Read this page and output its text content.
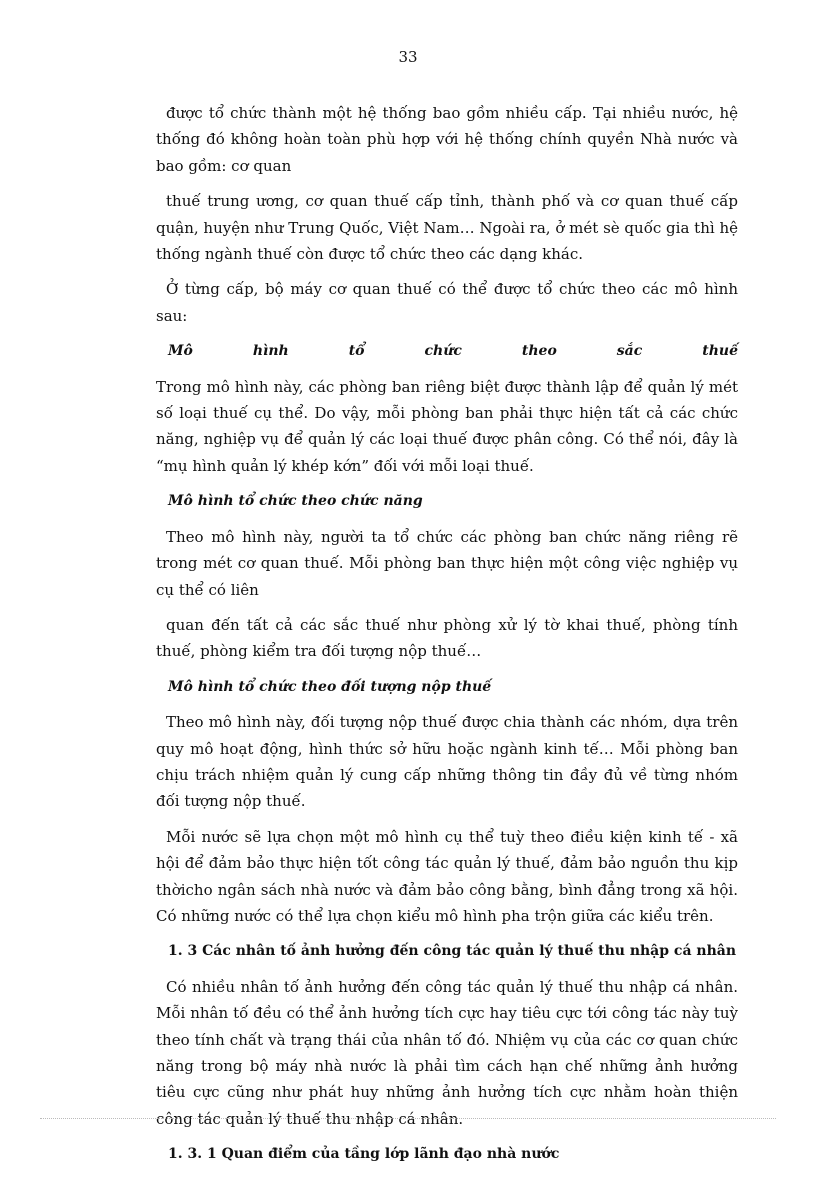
33

được tổ chức thành một hệ thống bao gồm nhiều cấp. Tại nhiều nước, hệ thống đó không hoàn toàn phù hợp với hệ thống chính quyền Nhà nước và bao gồm: cơ quan

thuế trung ương, cơ quan thuế cấp tỉnh, thành phố và cơ quan thuế cấp quận, huyện như Trung Quốc, Việt Nam… Ngoài ra, ở mét sè quốc gia thì hệ thống ngành thuế còn được tổ chức theo các dạng khác.

Ở từng cấp, bộ máy cơ quan thuế có thể được tổ chức theo các mô hình sau:

Mô hình tổ chức theo sắc thuế

Trong mô hình này, các phòng ban riêng biệt được thành lập để quản lý mét số loại thuế cụ thể. Do vậy, mỗi phòng ban phải thực hiện tất cả các chức năng, nghiệp vụ để quản lý các loại thuế được phân công. Có thể nói, đây là “mụ hình quản lý khép kớn” đối với mỗi loại thuế.

Mô hình tổ chức theo chức năng

Theo mô hình này, người ta tổ chức các phòng ban chức năng riêng rẽ trong mét cơ quan thuế. Mỗi phòng ban thực hiện một công việc nghiệp vụ cụ thể có liên

quan đến tất cả các sắc thuế như phòng xử lý tờ khai thuế, phòng tính thuế, phòng kiểm tra đối tượng nộp thuế…

Mô hình tổ chức theo đối tượng nộp thuế

Theo mô hình này, đối tượng nộp thuế được chia thành các nhóm, dựa trên quy mô hoạt động, hình thức sở hữu hoặc ngành kinh tế… Mỗi phòng ban chịu trách nhiệm quản lý cung cấp những thông tin đầy đủ về từng nhóm đối tượng nộp thuế.

Mỗi nước sẽ lựa chọn một mô hình cụ thể tuỳ theo điều kiện kinh tế - xã hội để đảm bảo thực hiện tốt công tác quản lý thuế, đảm bảo nguồn thu kịp thờicho ngân sách nhà nước và đảm bảo công bằng, bình đẳng trong xã hội. Có những nước có thể lựa chọn kiểu mô hình pha trộn giữa các kiểu trên.

1. 3 Các nhân tố ảnh hưởng đến công tác quản lý thuế thu nhập cá nhân

Có nhiều nhân tố ảnh hưởng đến công tác quản lý thuế thu nhập cá nhân. Mỗi nhân tố đều có thể ảnh hưởng tích cực hay tiêu cực tới công tác này tuỳ theo tính chất và trạng thái của nhân tố đó. Nhiệm vụ của các cơ quan chức năng trong bộ máy nhà nước là phải tìm cách hạn chế những ảnh hưởng tiêu cực cũng như phát huy những ảnh hưởng tích cực nhằm hoàn thiện công tác quản lý thuế thu nhập cá nhân.

1. 3. 1 Quan điểm của tầng lớp lãnh đạo nhà nước
